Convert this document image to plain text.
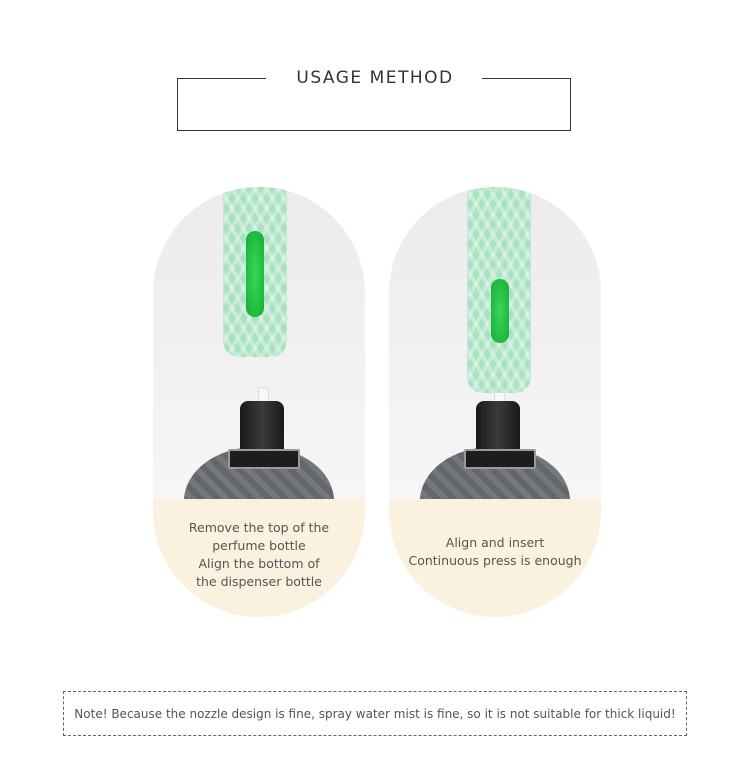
USAGE METHOD
Remove the top of the
perfume bottle
Align the bottom of
the dispenser bottle
Align and insert
Continuous press is enough
Note! Because the nozzle design is fine, spray water mist is fine, so it is not suitable for thick liquid!
